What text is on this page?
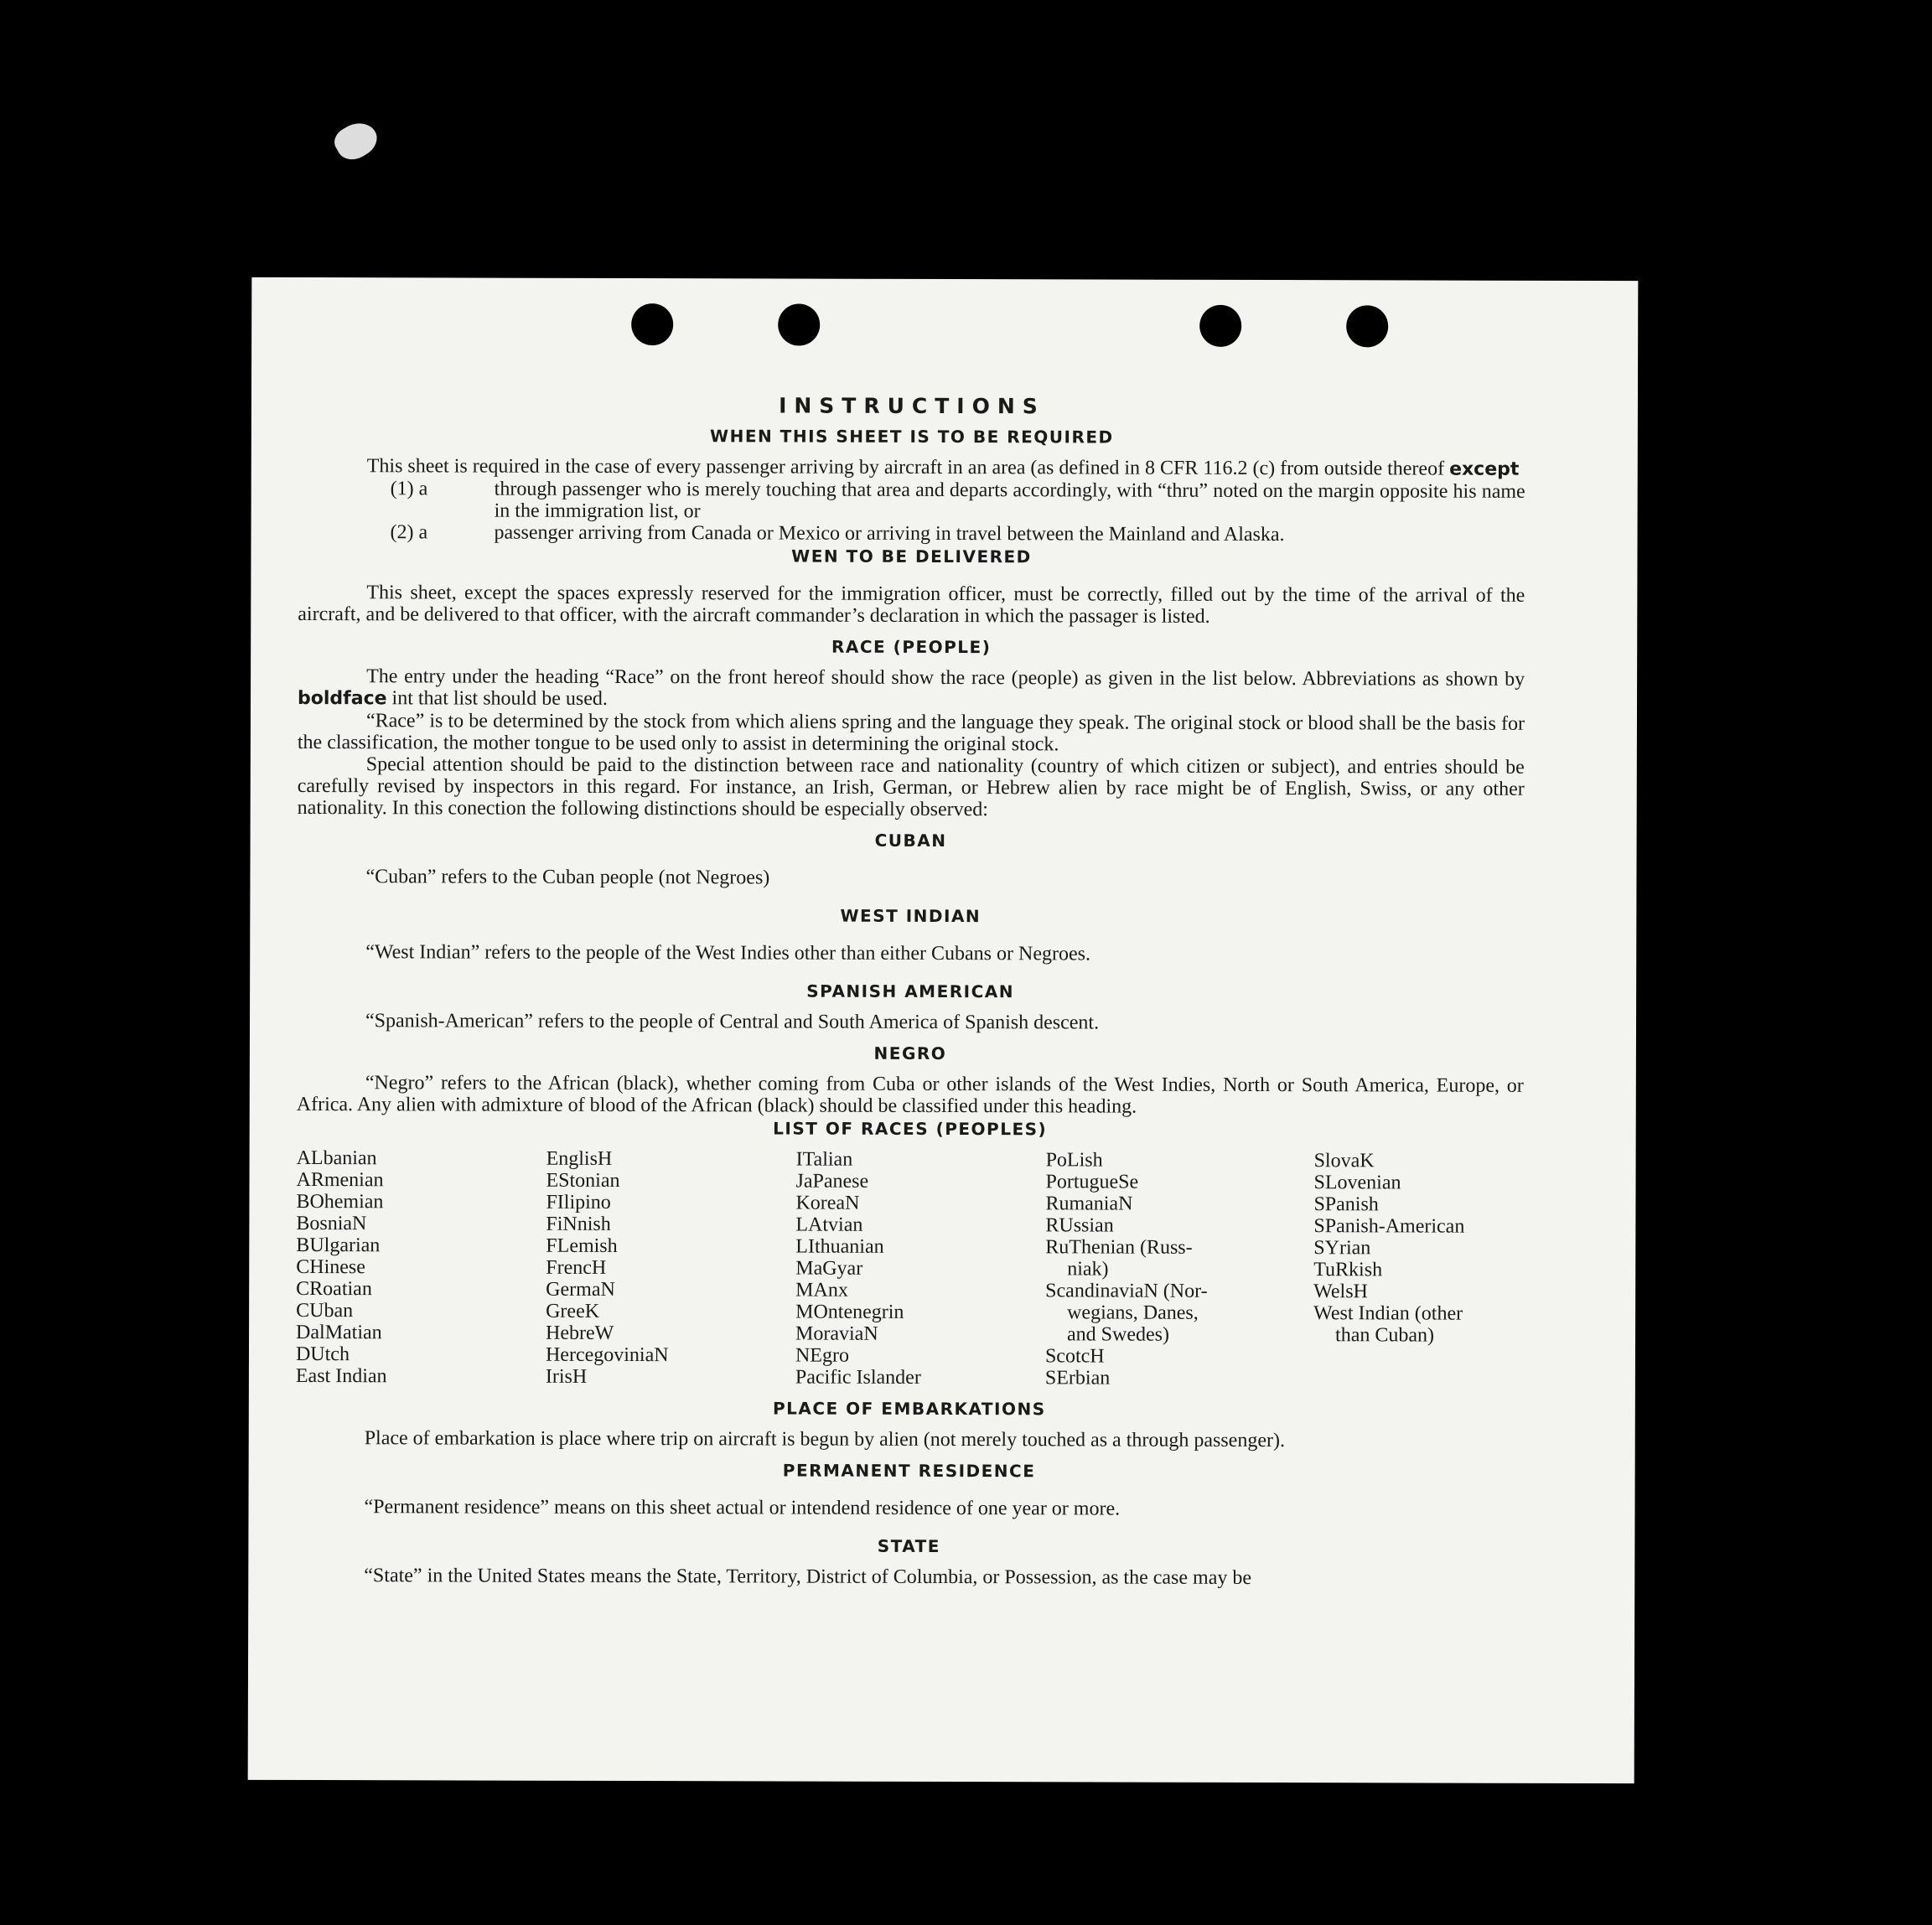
INSTRUCTIONS
WHEN THIS SHEET IS TO BE REQUIRED

This sheet is required in the case of every passenger arriving by aircraft in an area (as defined in 8 CFR 116.2 (c) from outside thereof except

(1) a	through passenger who is merely touching that area and departs accordingly, with “thru” noted on the margin opposite his name in the immigration list, or
(2) a	passenger arriving from Canada or Mexico or arriving in travel between the Mainland and Alaska.
WEN TO BE DELIVERED

This sheet, except the spaces expressly reserved for the immigration officer, must be correctly, filled out by the time of the arrival of the aircraft, and be delivered to that officer, with the aircraft commander’s declaration in which the passager is listed.

RACE (PEOPLE)

The entry under the heading “Race” on the front hereof should show the race (people) as given in the list below. Abbreviations as shown by boldface int that list should be used.

“Race” is to be determined by the stock from which aliens spring and the language they speak. The original stock or blood shall be the basis for the classification, the mother tongue to be used only to assist in determining the original stock.

Special attention should be paid to the distinction between race and nationality (country of which citizen or subject), and entries should be carefully revised by inspectors in this regard. For instance, an Irish, German, or Hebrew alien by race might be of English, Swiss, or any other nationality. In this conection the following distinctions should be especially observed:

CUBAN

“Cuban” refers to the Cuban people (not Negroes)

WEST INDIAN

“West Indian” refers to the people of the West Indies other than either Cubans or Negroes.

SPANISH AMERICAN

“Spanish-American” refers to the people of Central and South America of Spanish descent.

NEGRO

“Negro” refers to the African (black), whether coming from Cuba or other islands of the West Indies, North or South America, Europe, or Africa. Any alien with admixture of blood of the African (black) should be classified under this heading.

LIST OF RACES (PEOPLES)
ALbanian
ARmenian
BOhemian
BosniaN
BUlgarian
CHinese
CRoatian
CUban
DalMatian
DUtch
East Indian
EnglisH
EStonian
FIlipino
FiNnish
FLemish
FrencH
GermaN
GreeK
HebreW
HercegoviniaN
IrisH
ITalian
JaPanese
KoreaN
LAtvian
LIthuanian
MaGyar
MAnx
MOntenegrin
MoraviaN
NEgro
Pacific Islander
PoLish
PortugueSe
RumaniaN
RUssian
RuThenian (Russ-
niak)
ScandinaviaN (Nor-
wegians, Danes,
and Swedes)
ScotcH
SErbian
SlovaK
SLovenian
SPanish
SPanish-American
SYrian
TuRkish
WelsH
West Indian (other
than Cuban)
PLACE OF EMBARKATIONS

Place of embarkation is place where trip on aircraft is begun by alien (not merely touched as a through passenger).

PERMANENT RESIDENCE

“Permanent residence” means on this sheet actual or intendend residence of one year or more.

STATE

“State” in the United States means the State, Territory, District of Columbia, or Possession, as the case may be
